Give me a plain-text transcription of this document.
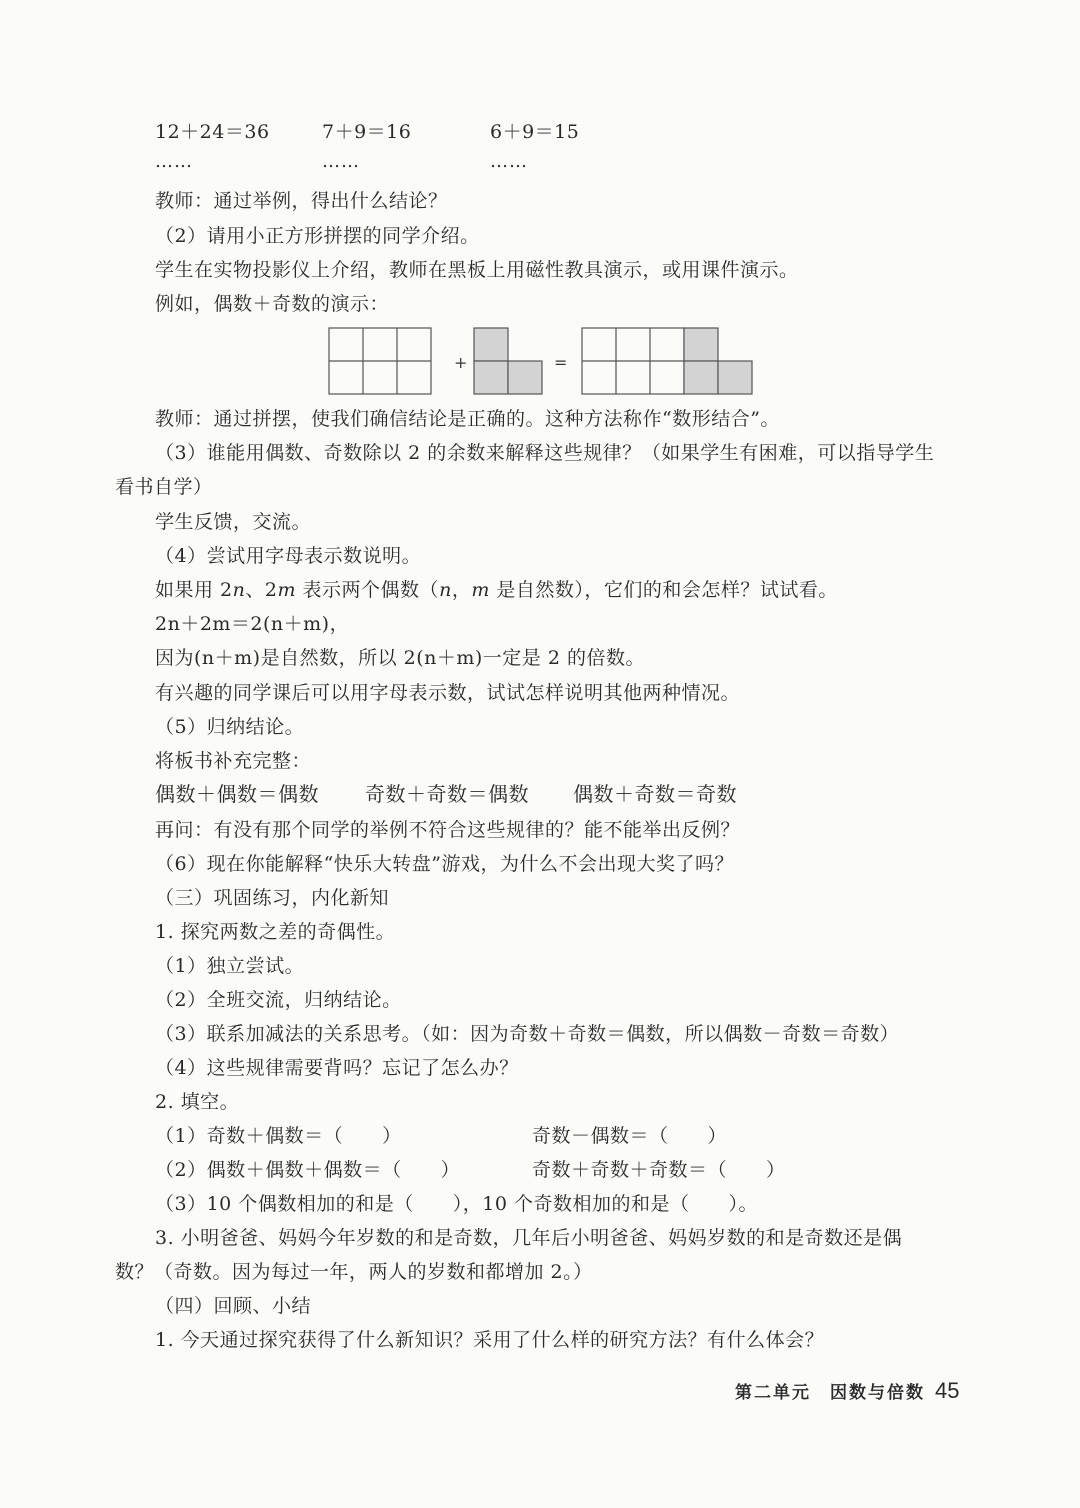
12＋24＝36	7＋9＝16	6＋9＝15
……	……	……
教师：通过举例，得出什么结论？
（2）请用小正方形拼摆的同学介绍。
学生在实物投影仪上介绍，教师在黑板上用磁性教具演示，或用课件演示。
例如，偶数＋奇数的演示：
+	=
教师：通过拼摆，使我们确信结论是正确的。这种方法称作“数形结合”。
（3）谁能用偶数、奇数除以 2 的余数来解释这些规律？（如果学生有困难，可以指导学生
看书自学）
学生反馈，交流。
（4）尝试用字母表示数说明。
如果用 2n、2m 表示两个偶数（n，m 是自然数），它们的和会怎样？试试看。
2n＋2m＝2(n＋m)，
因为(n＋m)是自然数，所以 2(n＋m)一定是 2 的倍数。
有兴趣的同学课后可以用字母表示数，试试怎样说明其他两种情况。
（5）归纳结论。
将板书补充完整：
偶数＋偶数＝偶数 奇数＋奇数＝偶数 偶数＋奇数＝奇数
再问：有没有那个同学的举例不符合这些规律的？能不能举出反例？
（6）现在你能解释“快乐大转盘”游戏，为什么不会出现大奖了吗？
（三）巩固练习，内化新知
1. 探究两数之差的奇偶性。
（1）独立尝试。
（2）全班交流，归纳结论。
（3）联系加减法的关系思考。（如：因为奇数＋奇数＝偶数，所以偶数－奇数＝奇数）
（4）这些规律需要背吗？忘记了怎么办？
2. 填空。
（1）奇数＋偶数＝（　　）	奇数－偶数＝（　　）
（2）偶数＋偶数＋偶数＝（　　）	奇数＋奇数＋奇数＝（　　）
（3）10 个偶数相加的和是（　　），10 个奇数相加的和是（　　）。
3. 小明爸爸、妈妈今年岁数的和是奇数，几年后小明爸爸、妈妈岁数的和是奇数还是偶
数？（奇数。因为每过一年，两人的岁数和都增加 2。）
（四）回顾、小结
1. 今天通过探究获得了什么新知识？采用了什么样的研究方法？有什么体会？
第二单元　因数与倍数 45
